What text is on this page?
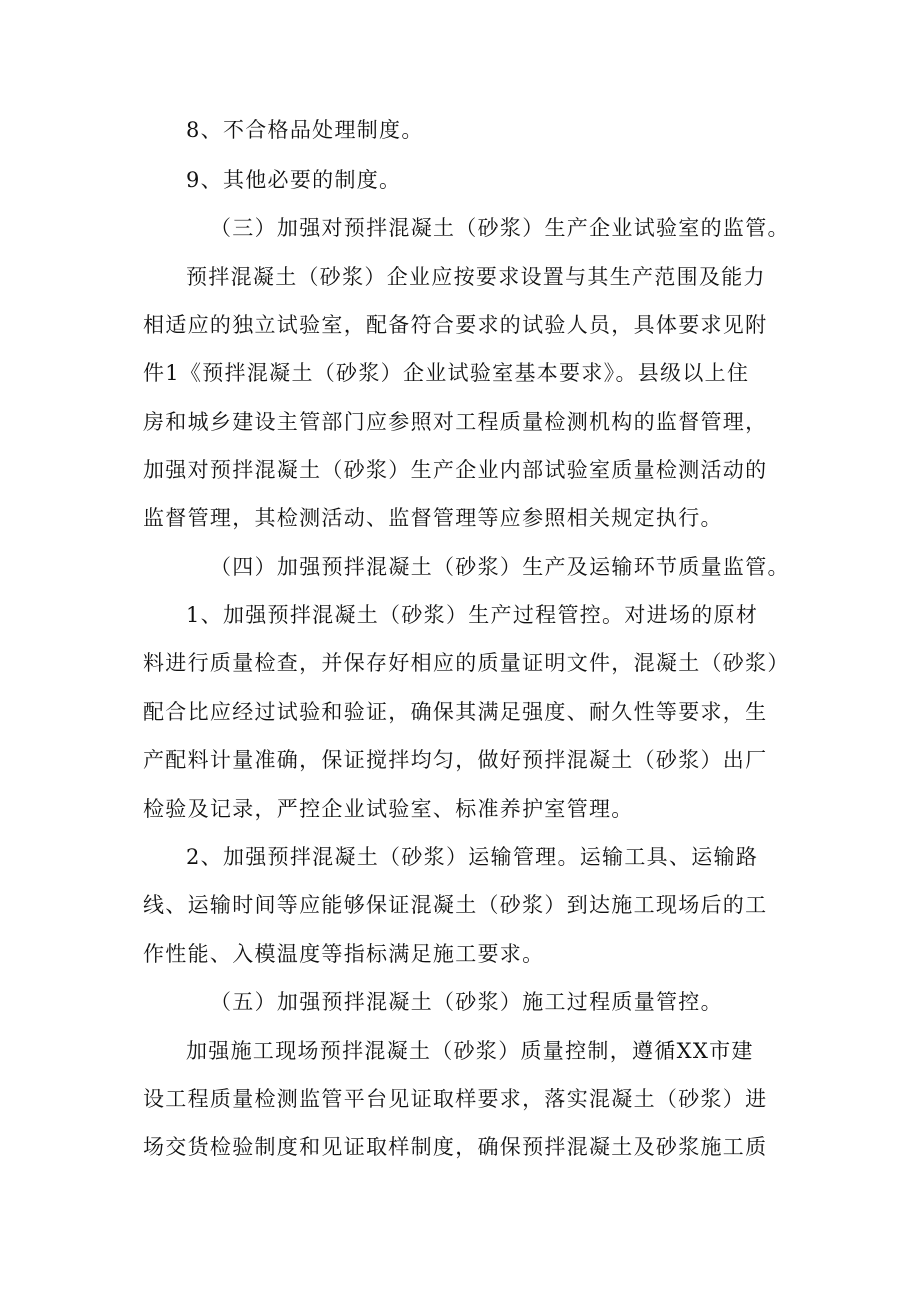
8、不合格品处理制度。
9、其他必要的制度。
（三）加强对预拌混凝土（砂浆）生产企业试验室的监管。
预拌混凝土（砂浆）企业应按要求设置与其生产范围及能力
相适应的独立试验室，配备符合要求的试验人员，具体要求见附
件1《预拌混凝土（砂浆）企业试验室基本要求》。县级以上住
房和城乡建设主管部门应参照对工程质量检测机构的监督管理，
加强对预拌混凝土（砂浆）生产企业内部试验室质量检测活动的
监督管理，其检测活动、监督管理等应参照相关规定执行。
（四）加强预拌混凝土（砂浆）生产及运输环节质量监管。
1、加强预拌混凝土（砂浆）生产过程管控。对进场的原材
料进行质量检查，并保存好相应的质量证明文件，混凝土（砂浆）
配合比应经过试验和验证，确保其满足强度、耐久性等要求，生
产配料计量准确，保证搅拌均匀，做好预拌混凝土（砂浆）出厂
检验及记录，严控企业试验室、标准养护室管理。
2、加强预拌混凝土（砂浆）运输管理。运输工具、运输路
线、运输时间等应能够保证混凝土（砂浆）到达施工现场后的工
作性能、入模温度等指标满足施工要求。
（五）加强预拌混凝土（砂浆）施工过程质量管控。
加强施工现场预拌混凝土（砂浆）质量控制，遵循XX市建
设工程质量检测监管平台见证取样要求，落实混凝土（砂浆）进
场交货检验制度和见证取样制度，确保预拌混凝土及砂浆施工质
